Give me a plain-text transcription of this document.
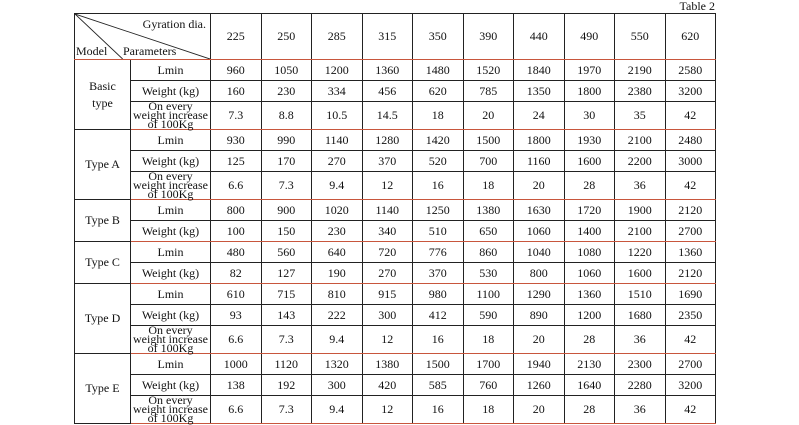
Table 2
Gyration dia.
Parameters
Model		225	250	285	315	350	390	440	490	550	620
Basic type	Lmin	960	1050	1200	1360	1480	1520	1840	1970	2190	2580
	Weight (kg)	160	230	334	456	620	785	1350	1800	2380	3200
	On every weight increase of 100Kg	7.3	8.8	10.5	14.5	18	20	24	30	35	42
Type A	Lmin	930	990	1140	1280	1420	1500	1800	1930	2100	2480
	Weight (kg)	125	170	270	370	520	700	1160	1600	2200	3000
	On every weight increase of 100Kg	6.6	7.3	9.4	12	16	18	20	28	36	42
Type B	Lmin	800	900	1020	1140	1250	1380	1630	1720	1900	2120
	Weight (kg)	100	150	230	340	510	650	1060	1400	2100	2700
Type C	Lmin	480	560	640	720	776	860	1040	1080	1220	1360
	Weight (kg)	82	127	190	270	370	530	800	1060	1600	2120
Type D	Lmin	610	715	810	915	980	1100	1290	1360	1510	1690
	Weight (kg)	93	143	222	300	412	590	890	1200	1680	2350
	On every weight increase of 100Kg	6.6	7.3	9.4	12	16	18	20	28	36	42
Type E	Lmin	1000	1120	1320	1380	1500	1700	1940	2130	2300	2700
	Weight (kg)	138	192	300	420	585	760	1260	1640	2280	3200
	On every weight increase of 100Kg	6.6	7.3	9.4	12	16	18	20	28	36	42
